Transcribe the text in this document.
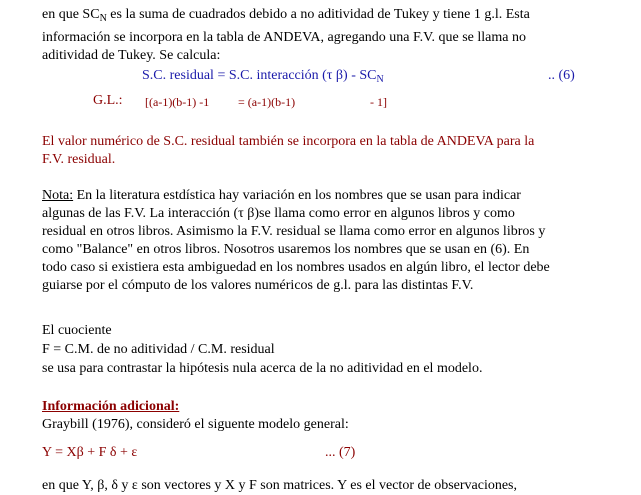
en que $SC_N$ es la suma de cuadrados debido a no aditividad de Tukey y tiene 1 g.l. Esta
información se incorpora en la tabla de ANDEVA, agregando una F.V. que se llama no
aditividad de Tukey. Se calcula:
S.C. residual = S.C. interacción (τ $\beta) - SC_N$	.. (6)
G.L.: [(a-1)(b-1) -1 = (a-1)(b-1)	- 1]
El valor numérico de S.C. residual también se incorpora en la tabla de ANDEVA para la
F.V. residual.
Nota: En la literatura estdística hay variación en los nombres que se usan para indicar
algunas de las F.V. La interacción (τ β)se llama como error en algunos libros y como
residual en otros libros. Asimismo la F.V. residual se llama como error en algunos libros y
como "Balance" en otros libros. Nosotros usaremos los nombres que se usan en (6). En
todo caso si existiera esta ambiguedad en los nombres usados en algún libro, el lector debe
guiarse por el cómputo de los valores numéricos de g.l. para las distintas F.V.
El cuociente
F = C.M. de no aditividad / C.M. residual
se usa para contrastar la hipótesis nula acerca de la no aditividad en el modelo.
Información adicional:
Graybill (1976), consideró el siguente modelo general:
Y = Xβ + F δ + ε	... (7)
en que Y, β, δ y ε son vectores y X y F son matrices. Y es el vector de observaciones,
